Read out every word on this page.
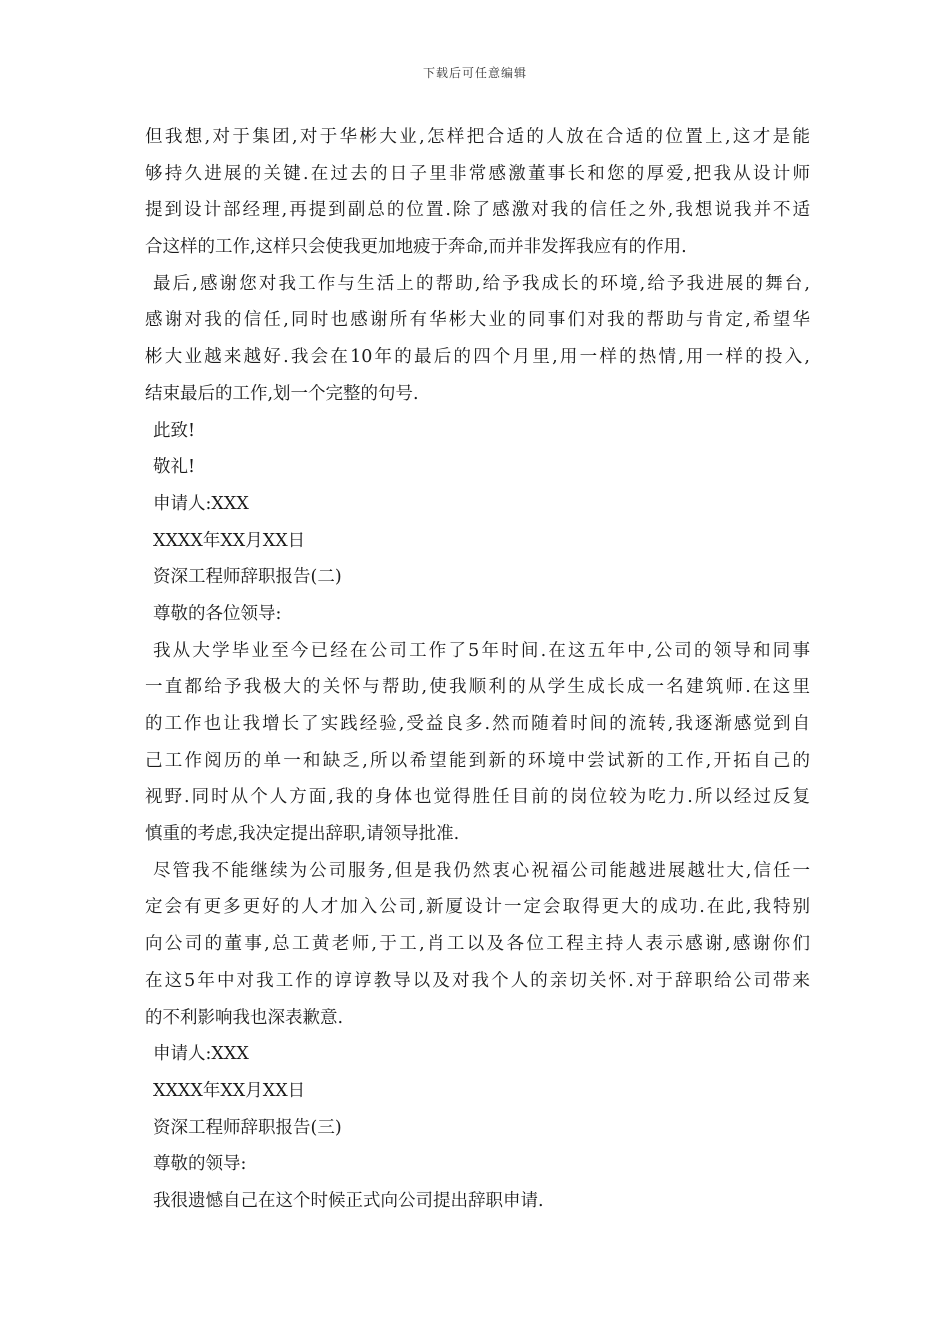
下载后可任意编辑
但我想,对于集团,对于华彬大业,怎样把合适的人放在合适的位置上,这才是能
够持久进展的关键.在过去的日子里非常感激董事长和您的厚爱,把我从设计师
提到设计部经理,再提到副总的位置.除了感激对我的信任之外,我想说我并不适
合这样的工作,这样只会使我更加地疲于奔命,而并非发挥我应有的作用.
最后,感谢您对我工作与生活上的帮助,给予我成长的环境,给予我进展的舞台,
感谢对我的信任,同时也感谢所有华彬大业的同事们对我的帮助与肯定,希望华
彬大业越来越好.我会在10年的最后的四个月里,用一样的热情,用一样的投入,
结束最后的工作,划一个完整的句号.
此致!
敬礼!
申请人:XXX
XXXX年XX月XX日
资深工程师辞职报告(二)
尊敬的各位领导:
我从大学毕业至今已经在公司工作了5年时间.在这五年中,公司的领导和同事
一直都给予我极大的关怀与帮助,使我顺利的从学生成长成一名建筑师.在这里
的工作也让我增长了实践经验,受益良多.然而随着时间的流转,我逐渐感觉到自
己工作阅历的单一和缺乏,所以希望能到新的环境中尝试新的工作,开拓自己的
视野.同时从个人方面,我的身体也觉得胜任目前的岗位较为吃力.所以经过反复
慎重的考虑,我决定提出辞职,请领导批准.
尽管我不能继续为公司服务,但是我仍然衷心祝福公司能越进展越壮大,信任一
定会有更多更好的人才加入公司,新厦设计一定会取得更大的成功.在此,我特别
向公司的董事,总工黄老师,于工,肖工以及各位工程主持人表示感谢,感谢你们
在这5年中对我工作的谆谆教导以及对我个人的亲切关怀.对于辞职给公司带来
的不利影响我也深表歉意.
申请人:XXX
XXXX年XX月XX日
资深工程师辞职报告(三)
尊敬的领导:
我很遗憾自己在这个时候正式向公司提出辞职申请.
